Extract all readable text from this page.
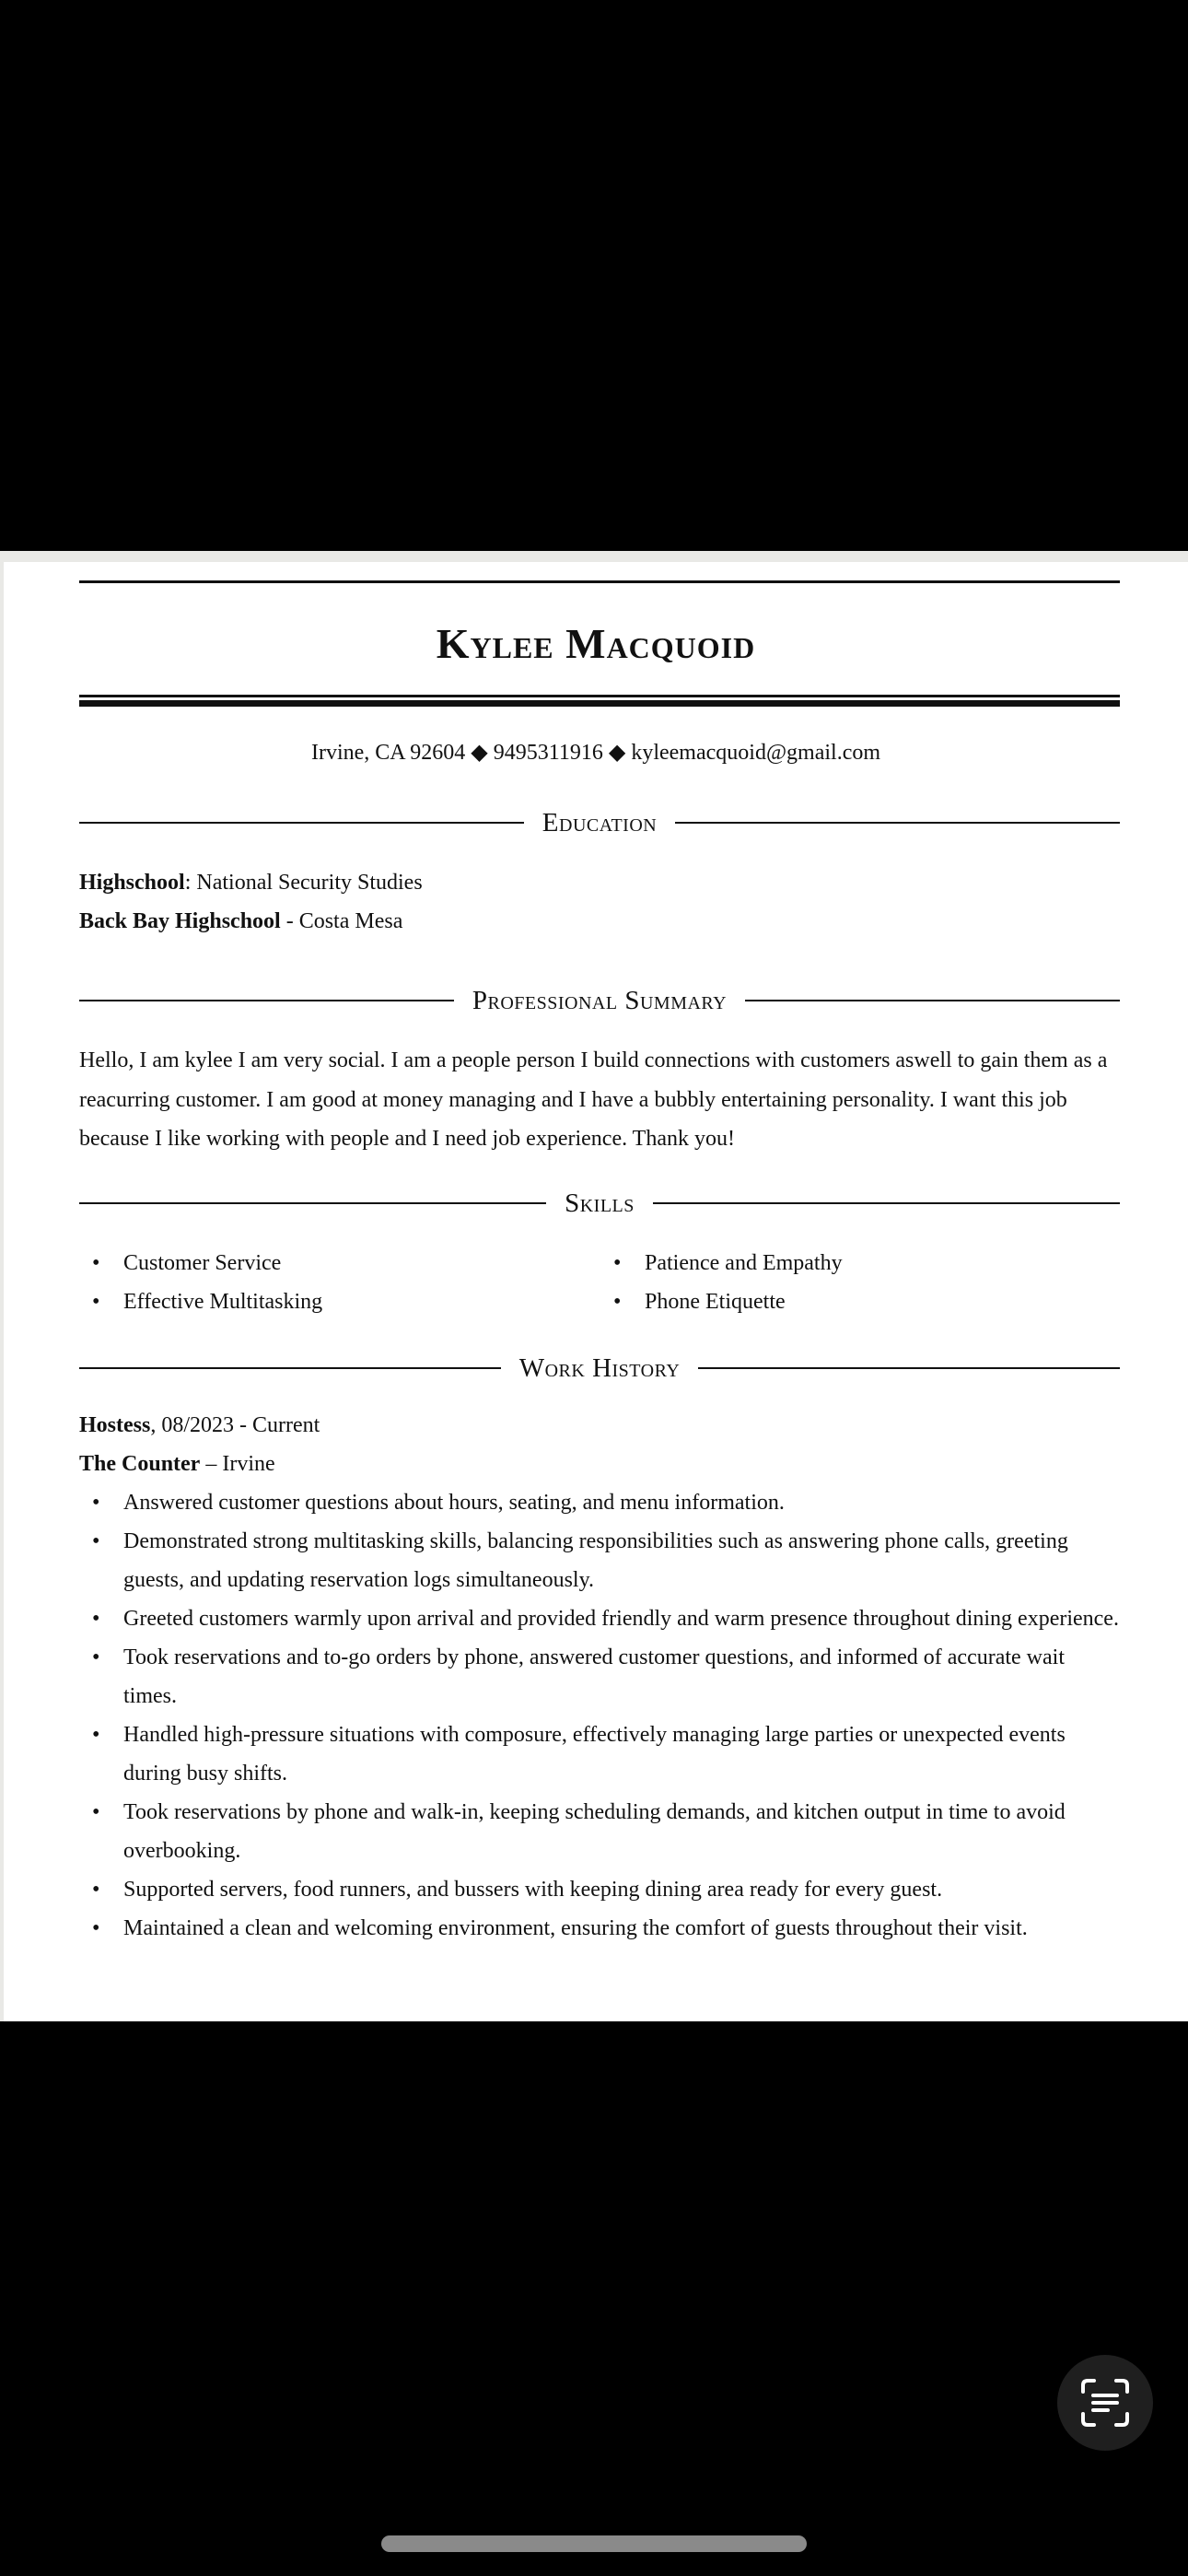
Kylee Macquoid
Irvine, CA 92604 ◆ 9495311916 ◆ kyleemacquoid@gmail.com
Education
Highschool: National Security Studies
Back Bay Highschool - Costa Mesa
Professional Summary
Hello, I am kylee I am very social. I am a people person I build connections with customers aswell to gain them as a reacurring customer. I am good at money managing and I have a bubbly entertaining personality. I want this job because I like working with people and I need job experience. Thank you!
Skills
• Customer Service
• Effective Multitasking
• Patience and Empathy
• Phone Etiquette
Work History
Hostess, 08/2023 - Current
The Counter – Irvine
• Answered customer questions about hours, seating, and menu information.
• Demonstrated strong multitasking skills, balancing responsibilities such as answering phone calls, greeting guests, and updating reservation logs simultaneously.
• Greeted customers warmly upon arrival and provided friendly and warm presence throughout dining experience.
• Took reservations and to-go orders by phone, answered customer questions, and informed of accurate wait times.
• Handled high-pressure situations with composure, effectively managing large parties or unexpected events during busy shifts.
• Took reservations by phone and walk-in, keeping scheduling demands, and kitchen output in time to avoid overbooking.
• Supported servers, food runners, and bussers with keeping dining area ready for every guest.
• Maintained a clean and welcoming environment, ensuring the comfort of guests throughout their visit.
